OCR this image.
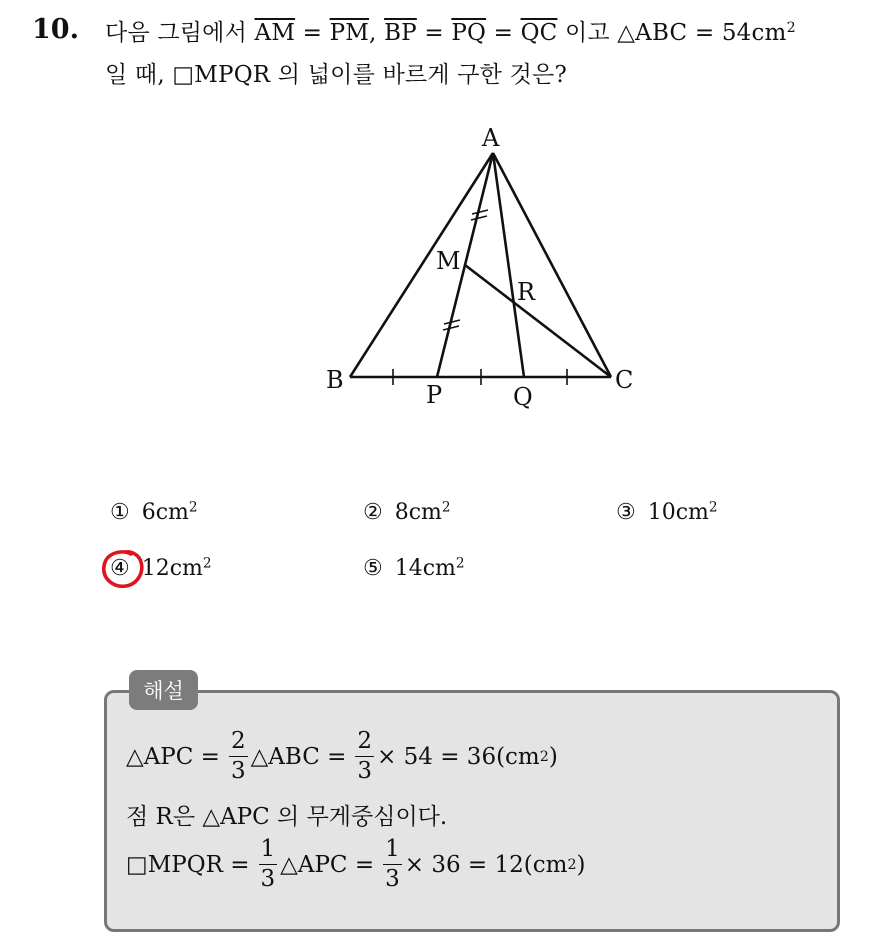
10. 다음 그림에서 $\overline{AM} = \overline{PM}$, $\overline{BP} = \overline{PQ} = \overline{QC}$ 이고 △ABC = $54cm^2$
일 때, □MPQR 의 넓이를 바르게 구한 것은?
A
B	C
M
P	Q
R
① $6cm^2$	② $8cm^2$	③ $10cm^2$
④ $12cm^2$	⑤ $14cm^2$
해설
△APC = $\frac{2}{3}$ △ABC = $\frac{2}{3} \times 54 = 36(cm$ 2 )
점 R은 △APC 의 무게중심이다.
□MPQR = $\frac{1}{3}$ △APC = $\frac{1}{3} \times 36 = 12(cm$ 2 )
